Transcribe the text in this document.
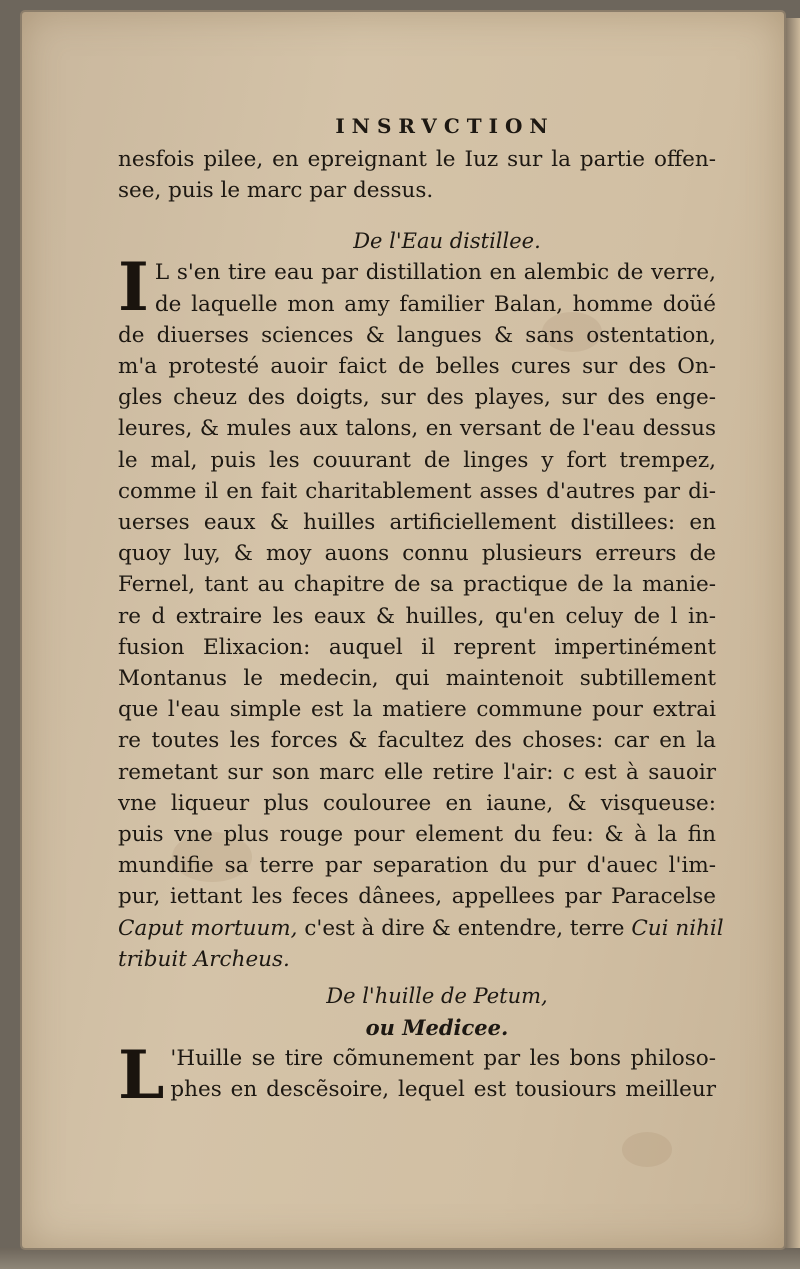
INSRVCTION
nesfois pilee, en epreignant le Iuz sur la partie offen-
see, puis le marc par dessus.
De l'Eau distillee.
I L s'en tire eau par distillation en alembic de verre,
de laquelle mon amy familier Balan, homme doüé
de diuerses sciences & langues & sans ostentation,
m'a protesté auoir faict de belles cures sur des On-
gles cheuz des doigts, sur des playes, sur des enge-
leures, & mules aux talons, en versant de l'eau dessus
le mal, puis les couurant de linges y fort trempez,
comme il en fait charitablement asses d'autres par di-
uerses eaux & huilles artificiellement distillees: en
quoy luy, & moy auons connu plusieurs erreurs de
Fernel, tant au chapitre de sa practique de la manie-
re d extraire les eaux & huilles, qu'en celuy de l in-
fusion Elixacion: auquel il reprent impertinément
Montanus le medecin, qui maintenoit subtillement
que l'eau simple est la matiere commune pour extrai
re toutes les forces & facultez des choses: car en la
remetant sur son marc elle retire l'air: c est à sauoir
vne liqueur plus coulouree en iaune, & visqueuse:
puis vne plus rouge pour element du feu: & à la fin
mundifie sa terre par separation du pur d'auec l'im-
pur, iettant les feces dânees, appellees par Paracelse
Caput mortuum, c'est à dire & entendre, terre Cui nihil
tribuit Archeus.
De l'huille de Petum,
ou Medicee.
L 'Huille se tire cõmunement par les bons philoso-
phes en descẽsoire, lequel est tousiours meilleur
